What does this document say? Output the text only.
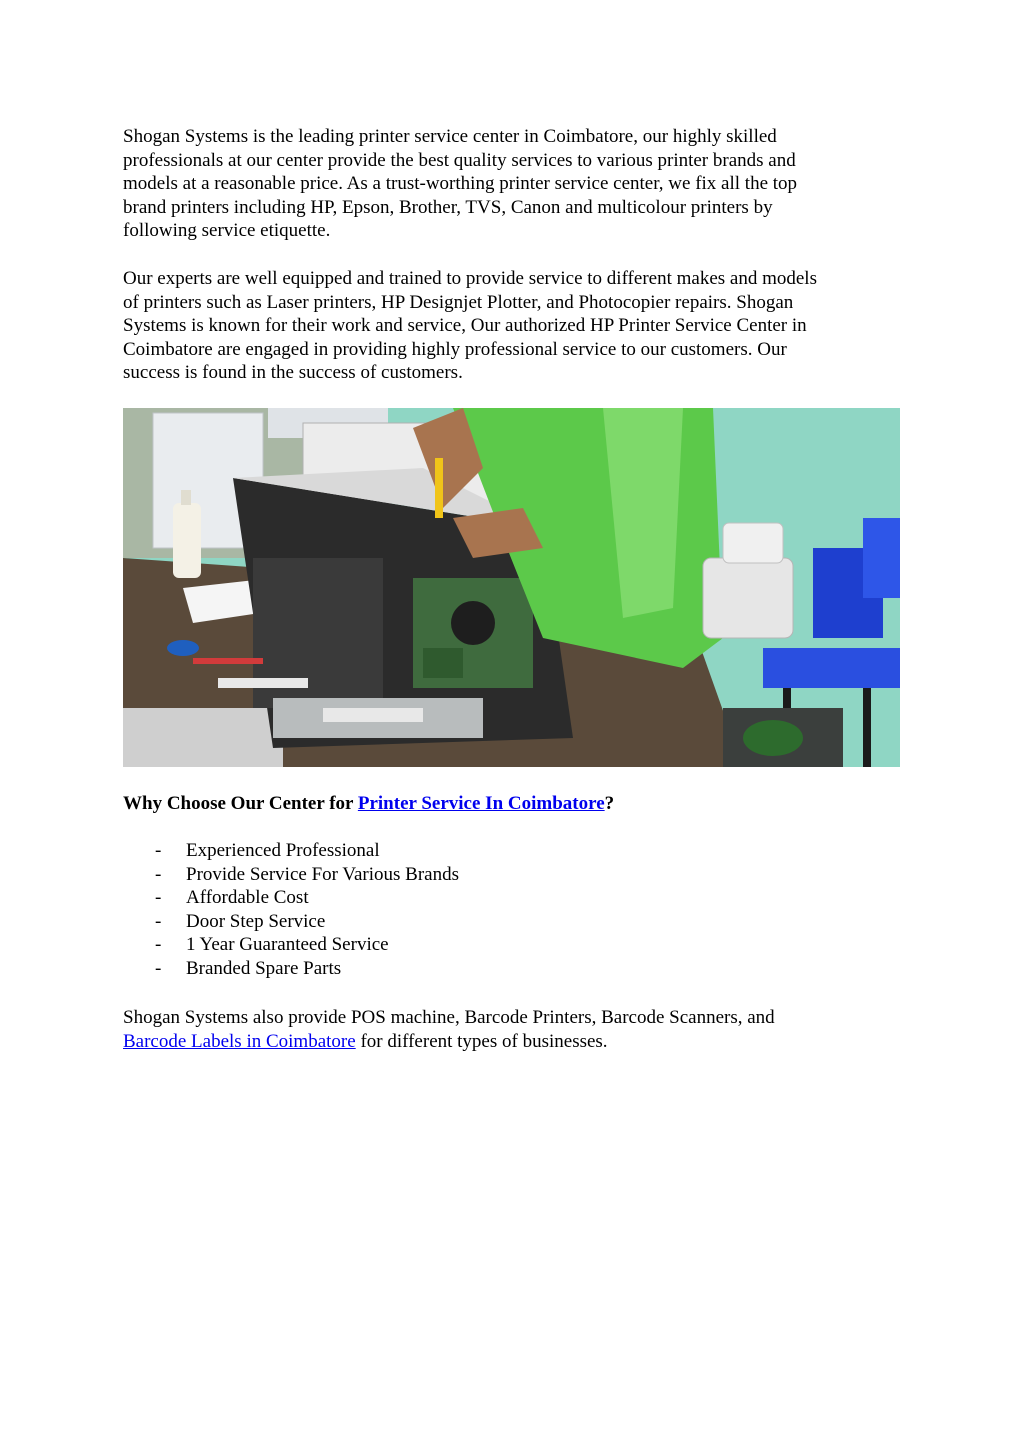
Shogan Systems is the leading printer service center in Coimbatore, our highly skilled
professionals at our center provide the best quality services to various printer brands and
models at a reasonable price. As a trust-worthing printer service center, we fix all the top
brand printers including HP, Epson, Brother, TVS, Canon and multicolour printers by
following service etiquette.

Our experts are well equipped and trained to provide service to different makes and models
of printers such as Laser printers, HP Designjet Plotter, and Photocopier repairs. Shogan
Systems is known for their work and service, Our authorized HP Printer Service Center in
Coimbatore are engaged in providing highly professional service to our customers. Our
success is found in the success of customers.

Why Choose Our Center for Printer Service In Coimbatore?
- Experienced Professional
- Provide Service For Various Brands
- Affordable Cost
- Door Step Service
- 1 Year Guaranteed Service
- Branded Spare Parts

Shogan Systems also provide POS machine, Barcode Printers, Barcode Scanners, and
Barcode Labels in Coimbatore for different types of businesses.
